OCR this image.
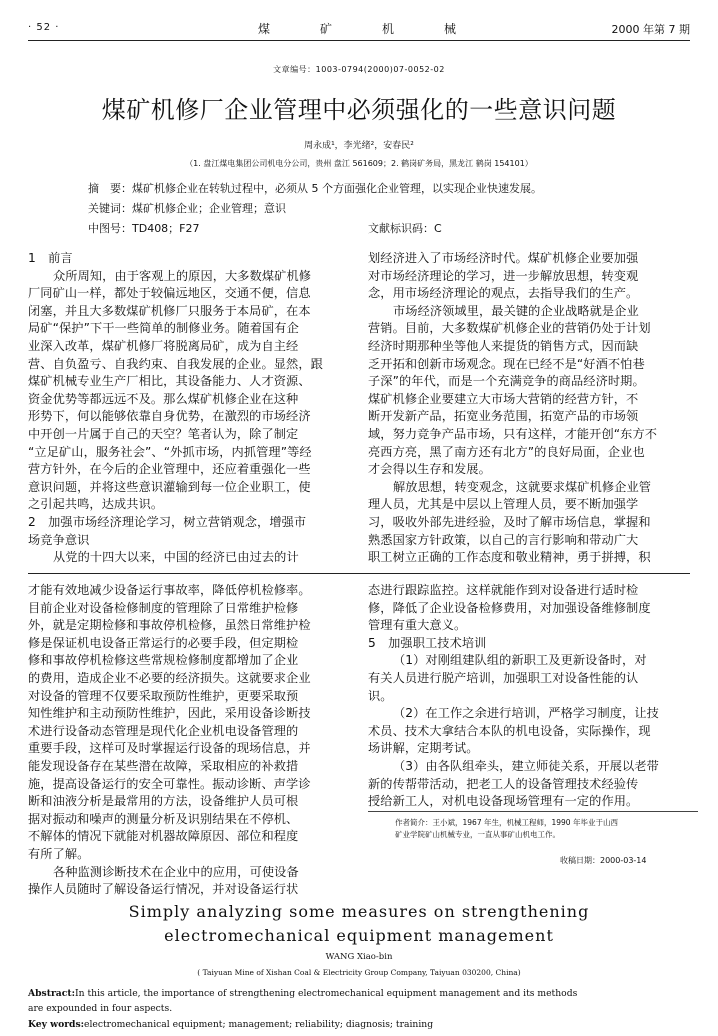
· 52 ·	煤矿机械	2000 年第 7 期
文章编号：1003-0794(2000)07-0052-02
煤矿机修厂企业管理中必须强化的一些意识问题
周永成¹，李光绪²，安春民²
（1. 盘江煤电集团公司机电分公司，贵州 盘江 561609；2. 鹤岗矿务局，黑龙江 鹤岗 154101）
摘　要：煤矿机修企业在转轨过程中，必须从 5 个方面强化企业管理，以实现企业快速发展。
关键词：煤矿机修企业；企业管理；意识
中图号：TD408；F27	文献标识码：C

1　前言

众所周知，由于客观上的原因，大多数煤矿机修

厂同矿山一样，都处于较偏远地区，交通不便，信息

闭塞，并且大多数煤矿机修厂只服务于本局矿，在本

局矿“保护”下干一些简单的制修业务。随着国有企

业深入改革，煤矿机修厂将脱离局矿，成为自主经

营、自负盈亏、自我约束、自我发展的企业。显然，跟

煤矿机械专业生产厂相比，其设备能力、人才资源、

资金优势等都远远不及。那么煤矿机修企业在这种

形势下，何以能够依靠自身优势，在激烈的市场经济

中开创一片属于自己的天空？笔者认为，除了制定

“立足矿山，服务社会”、“外抓市场，内抓管理”等经

营方针外，在今后的企业管理中，还应着重强化一些

意识问题，并将这些意识灌输到每一位企业职工，使

之引起共鸣，达成共识。

2　加强市场经济理论学习，树立营销观念，增强市

场竞争意识

从党的十四大以来，中国的经济已由过去的计

划经济进入了市场经济时代。煤矿机修企业要加强

对市场经济理论的学习，进一步解放思想，转变观

念，用市场经济理论的观点，去指导我们的生产。

市场经济领域里，最关键的企业战略就是企业

营销。目前，大多数煤矿机修企业的营销仍处于计划

经济时期那种坐等他人来提货的销售方式，因而缺

乏开拓和创新市场观念。现在已经不是“好酒不怕巷

子深”的年代，而是一个充满竞争的商品经济时期。

煤矿机修企业要建立大市场大营销的经营方针，不

断开发新产品，拓宽业务范围，拓宽产品的市场领

域，努力竞争产品市场，只有这样，才能开创“东方不

亮西方亮，黑了南方还有北方”的良好局面，企业也

才会得以生存和发展。

解放思想，转变观念，这就要求煤矿机修企业管

理人员，尤其是中层以上管理人员，要不断加强学

习，吸收外部先进经验，及时了解市场信息，掌握和

熟悉国家方针政策，以自己的言行影响和带动广大

职工树立正确的工作态度和敬业精神，勇于拼搏，积

才能有效地减少设备运行事故率，降低停机检修率。

目前企业对设备检修制度的管理除了日常维护检修

外，就是定期检修和事故停机检修，虽然日常维护检

修是保证机电设备正常运行的必要手段，但定期检

修和事故停机检修这些常规检修制度都增加了企业

的费用，造成企业不必要的经济损失。这就要求企业

对设备的管理不仅要采取预防性维护，更要采取预

知性维护和主动预防性维护，因此，采用设备诊断技

术进行设备动态管理是现代化企业机电设备管理的

重要手段，这样可及时掌握运行设备的现场信息，并

能发现设备存在某些潜在故障，采取相应的补救措

施，提高设备运行的安全可靠性。振动诊断、声学诊

断和油液分析是最常用的方法，设备维护人员可根

据对振动和噪声的测量分析及识别结果在不停机、

不解体的情况下就能对机器故障原因、部位和程度

有所了解。

各种监测诊断技术在企业中的应用，可使设备

操作人员随时了解设备运行情况，并对设备运行状

态进行跟踪监控。这样就能作到对设备进行适时检

修，降低了企业设备检修费用，对加强设备维修制度

管理有重大意义。

5　加强职工技术培训

（1）对刚组建队组的新职工及更新设备时，对

有关人员进行脱产培训，加强职工对设备性能的认

识。

（2）在工作之余进行培训，严格学习制度，让技

术员、技术大拿结合本队的机电设备，实际操作，现

场讲解，定期考试。

（3）由各队组牵头，建立师徒关系，开展以老带

新的传帮带活动，把老工人的设备管理技术经验传

授给新工人，对机电设备现场管理有一定的作用。

作者简介：王小斌，1967 年生，机械工程师，1990 年毕业于山西
矿业学院矿山机械专业，一直从事矿山机电工作。
收稿日期：2000-03-14
Simply analyzing some measures on strengthening
electromechanical equipment management
WANG Xiao-bin
( Taiyuan Mine of Xishan Coal & Electricity Group Company, Taiyuan 030200, China)
Abstract:In this article, the importance of strengthening electromechanical equipment management and its methods
are expounded in four aspects.
Key words:electromechanical equipment; management; reliability; diagnosis; training
